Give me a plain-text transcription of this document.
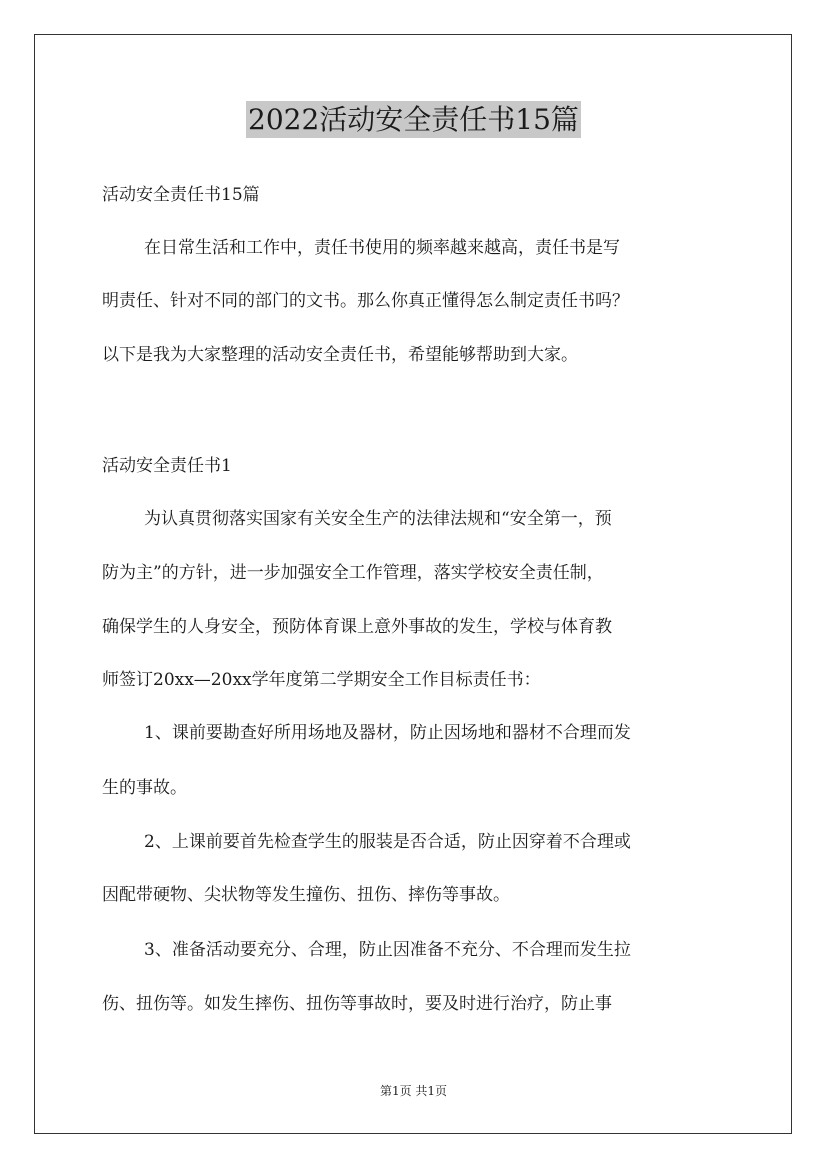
2022活动安全责任书15篇
活动安全责任书15篇
在日常生活和工作中，责任书使用的频率越来越高，责任书是写
明责任、针对不同的部门的文书。那么你真正懂得怎么制定责任书吗？
以下是我为大家整理的活动安全责任书，希望能够帮助到大家。
活动安全责任书1
为认真贯彻落实国家有关安全生产的法律法规和“安全第一，预
防为主”的方针，进一步加强安全工作管理，落实学校安全责任制，
确保学生的人身安全，预防体育课上意外事故的发生，学校与体育教
师签订20xx—20xx学年度第二学期安全工作目标责任书：
1、课前要勘查好所用场地及器材，防止因场地和器材不合理而发
生的事故。
2、上课前要首先检查学生的服装是否合适，防止因穿着不合理或
因配带硬物、尖状物等发生撞伤、扭伤、摔伤等事故。
3、准备活动要充分、合理，防止因准备不充分、不合理而发生拉
伤、扭伤等。如发生摔伤、扭伤等事故时，要及时进行治疗，防止事
第1页 共1页
